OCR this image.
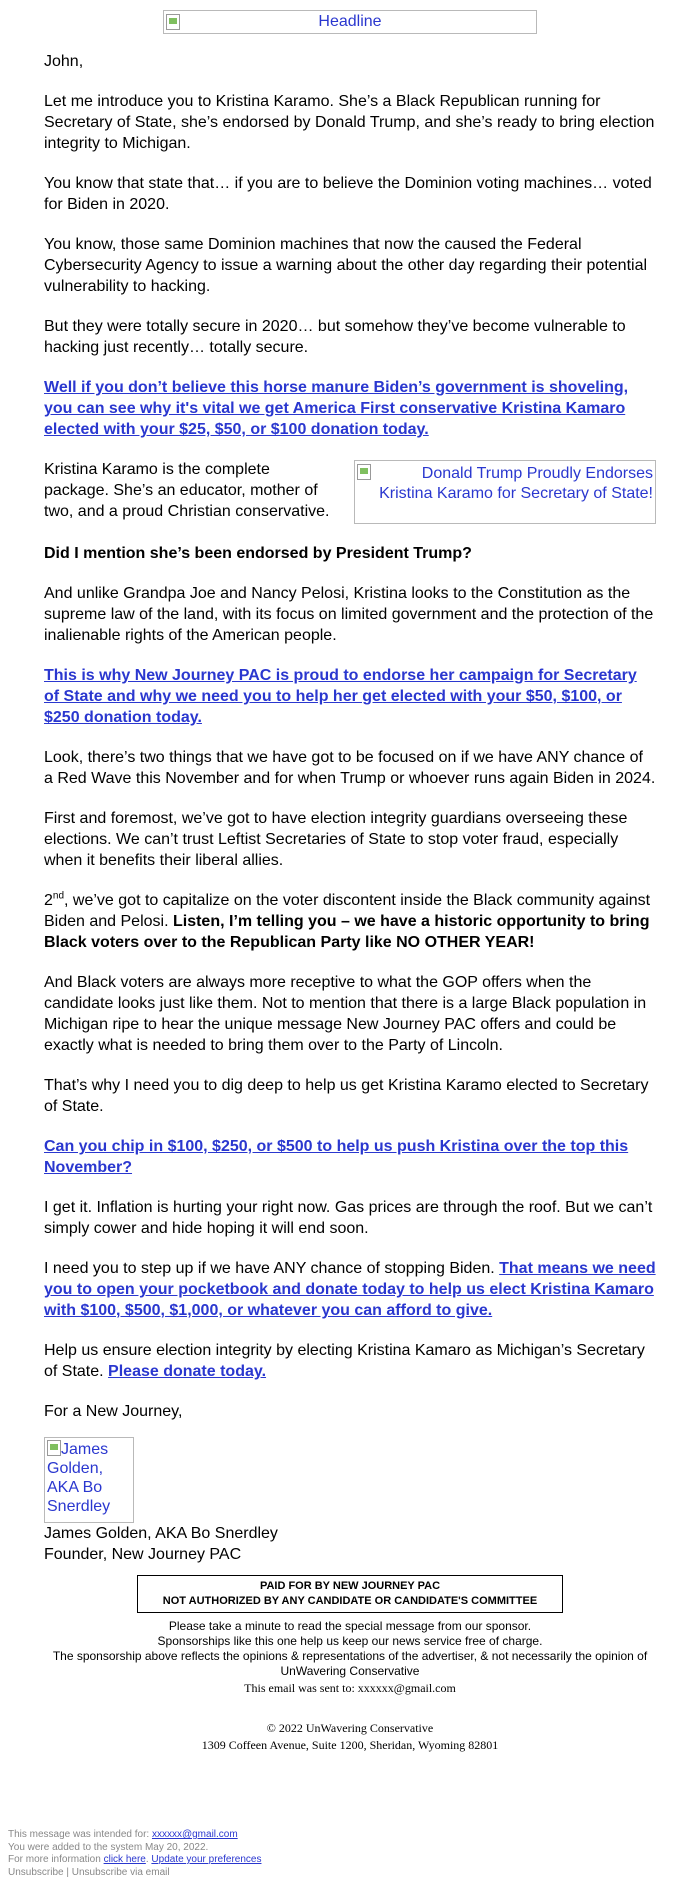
Headline

John,

Let me introduce you to Kristina Karamo. She’s a Black Republican running for Secretary of State, she’s endorsed by Donald Trump, and she’s ready to bring election integrity to Michigan.

You know that state that… if you are to believe the Dominion voting machines… voted for Biden in 2020.

You know, those same Dominion machines that now the caused the Federal Cybersecurity Agency to issue a warning about the other day regarding their potential vulnerability to hacking.

But they were totally secure in 2020… but somehow they’ve become vulnerable to hacking just recently… totally secure.

Well if you don’t believe this horse manure Biden’s government is shoveling, you can see why it's vital we get America First conservative Kristina Kamaro elected with your $25, $50, or $100 donation today.

Kristina Karamo is the complete package. She’s an educator, mother of two, and a proud Christian conservative.
Donald Trump Proudly Endorses Kristina Karamo for Secretary of State!

Did I mention she’s been endorsed by President Trump?

And unlike Grandpa Joe and Nancy Pelosi, Kristina looks to the Constitution as the supreme law of the land, with its focus on limited government and the protection of the inalienable rights of the American people.

This is why New Journey PAC is proud to endorse her campaign for Secretary of State and why we need you to help her get elected with your $50, $100, or $250 donation today.

Look, there’s two things that we have got to be focused on if we have ANY chance of a Red Wave this November and for when Trump or whoever runs again Biden in 2024.

First and foremost, we’ve got to have election integrity guardians overseeing these elections. We can’t trust Leftist Secretaries of State to stop voter fraud, especially when it benefits their liberal allies.

2nd, we’ve got to capitalize on the voter discontent inside the Black community against Biden and Pelosi. Listen, I’m telling you – we have a historic opportunity to bring Black voters over to the Republican Party like NO OTHER YEAR!

And Black voters are always more receptive to what the GOP offers when the candidate looks just like them. Not to mention that there is a large Black population in Michigan ripe to hear the unique message New Journey PAC offers and could be exactly what is needed to bring them over to the Party of Lincoln.

That’s why I need you to dig deep to help us get Kristina Karamo elected to Secretary of State.

Can you chip in $100, $250, or $500 to help us push Kristina over the top this November?

I get it. Inflation is hurting your right now. Gas prices are through the roof. But we can’t simply cower and hide hoping it will end soon.

I need you to step up if we have ANY chance of stopping Biden. That means we need you to open your pocketbook and donate today to help us elect Kristina Kamaro with $100, $500, $1,000, or whatever you can afford to give.

Help us ensure election integrity by electing Kristina Kamaro as Michigan’s Secretary of State. Please donate today.

For a New Journey,

James Golden, AKA Bo Snerdley
James Golden, AKA Bo Snerdley
Founder, New Journey PAC
PAID FOR BY NEW JOURNEY PAC
NOT AUTHORIZED BY ANY CANDIDATE OR CANDIDATE'S COMMITTEE
Please take a minute to read the special message from our sponsor.
Sponsorships like this one help us keep our news service free of charge.
The sponsorship above reflects the opinions & representations of the advertiser, & not necessarily the opinion of UnWavering Conservative
This email was sent to: xxxxxx@gmail.com
© 2022 UnWavering Conservative
1309 Coffeen Avenue, Suite 1200, Sheridan, Wyoming 82801
This message was intended for: xxxxxx@gmail.com
You were added to the system May 20, 2022.
For more information click here. Update your preferences
Unsubscribe | Unsubscribe via email
